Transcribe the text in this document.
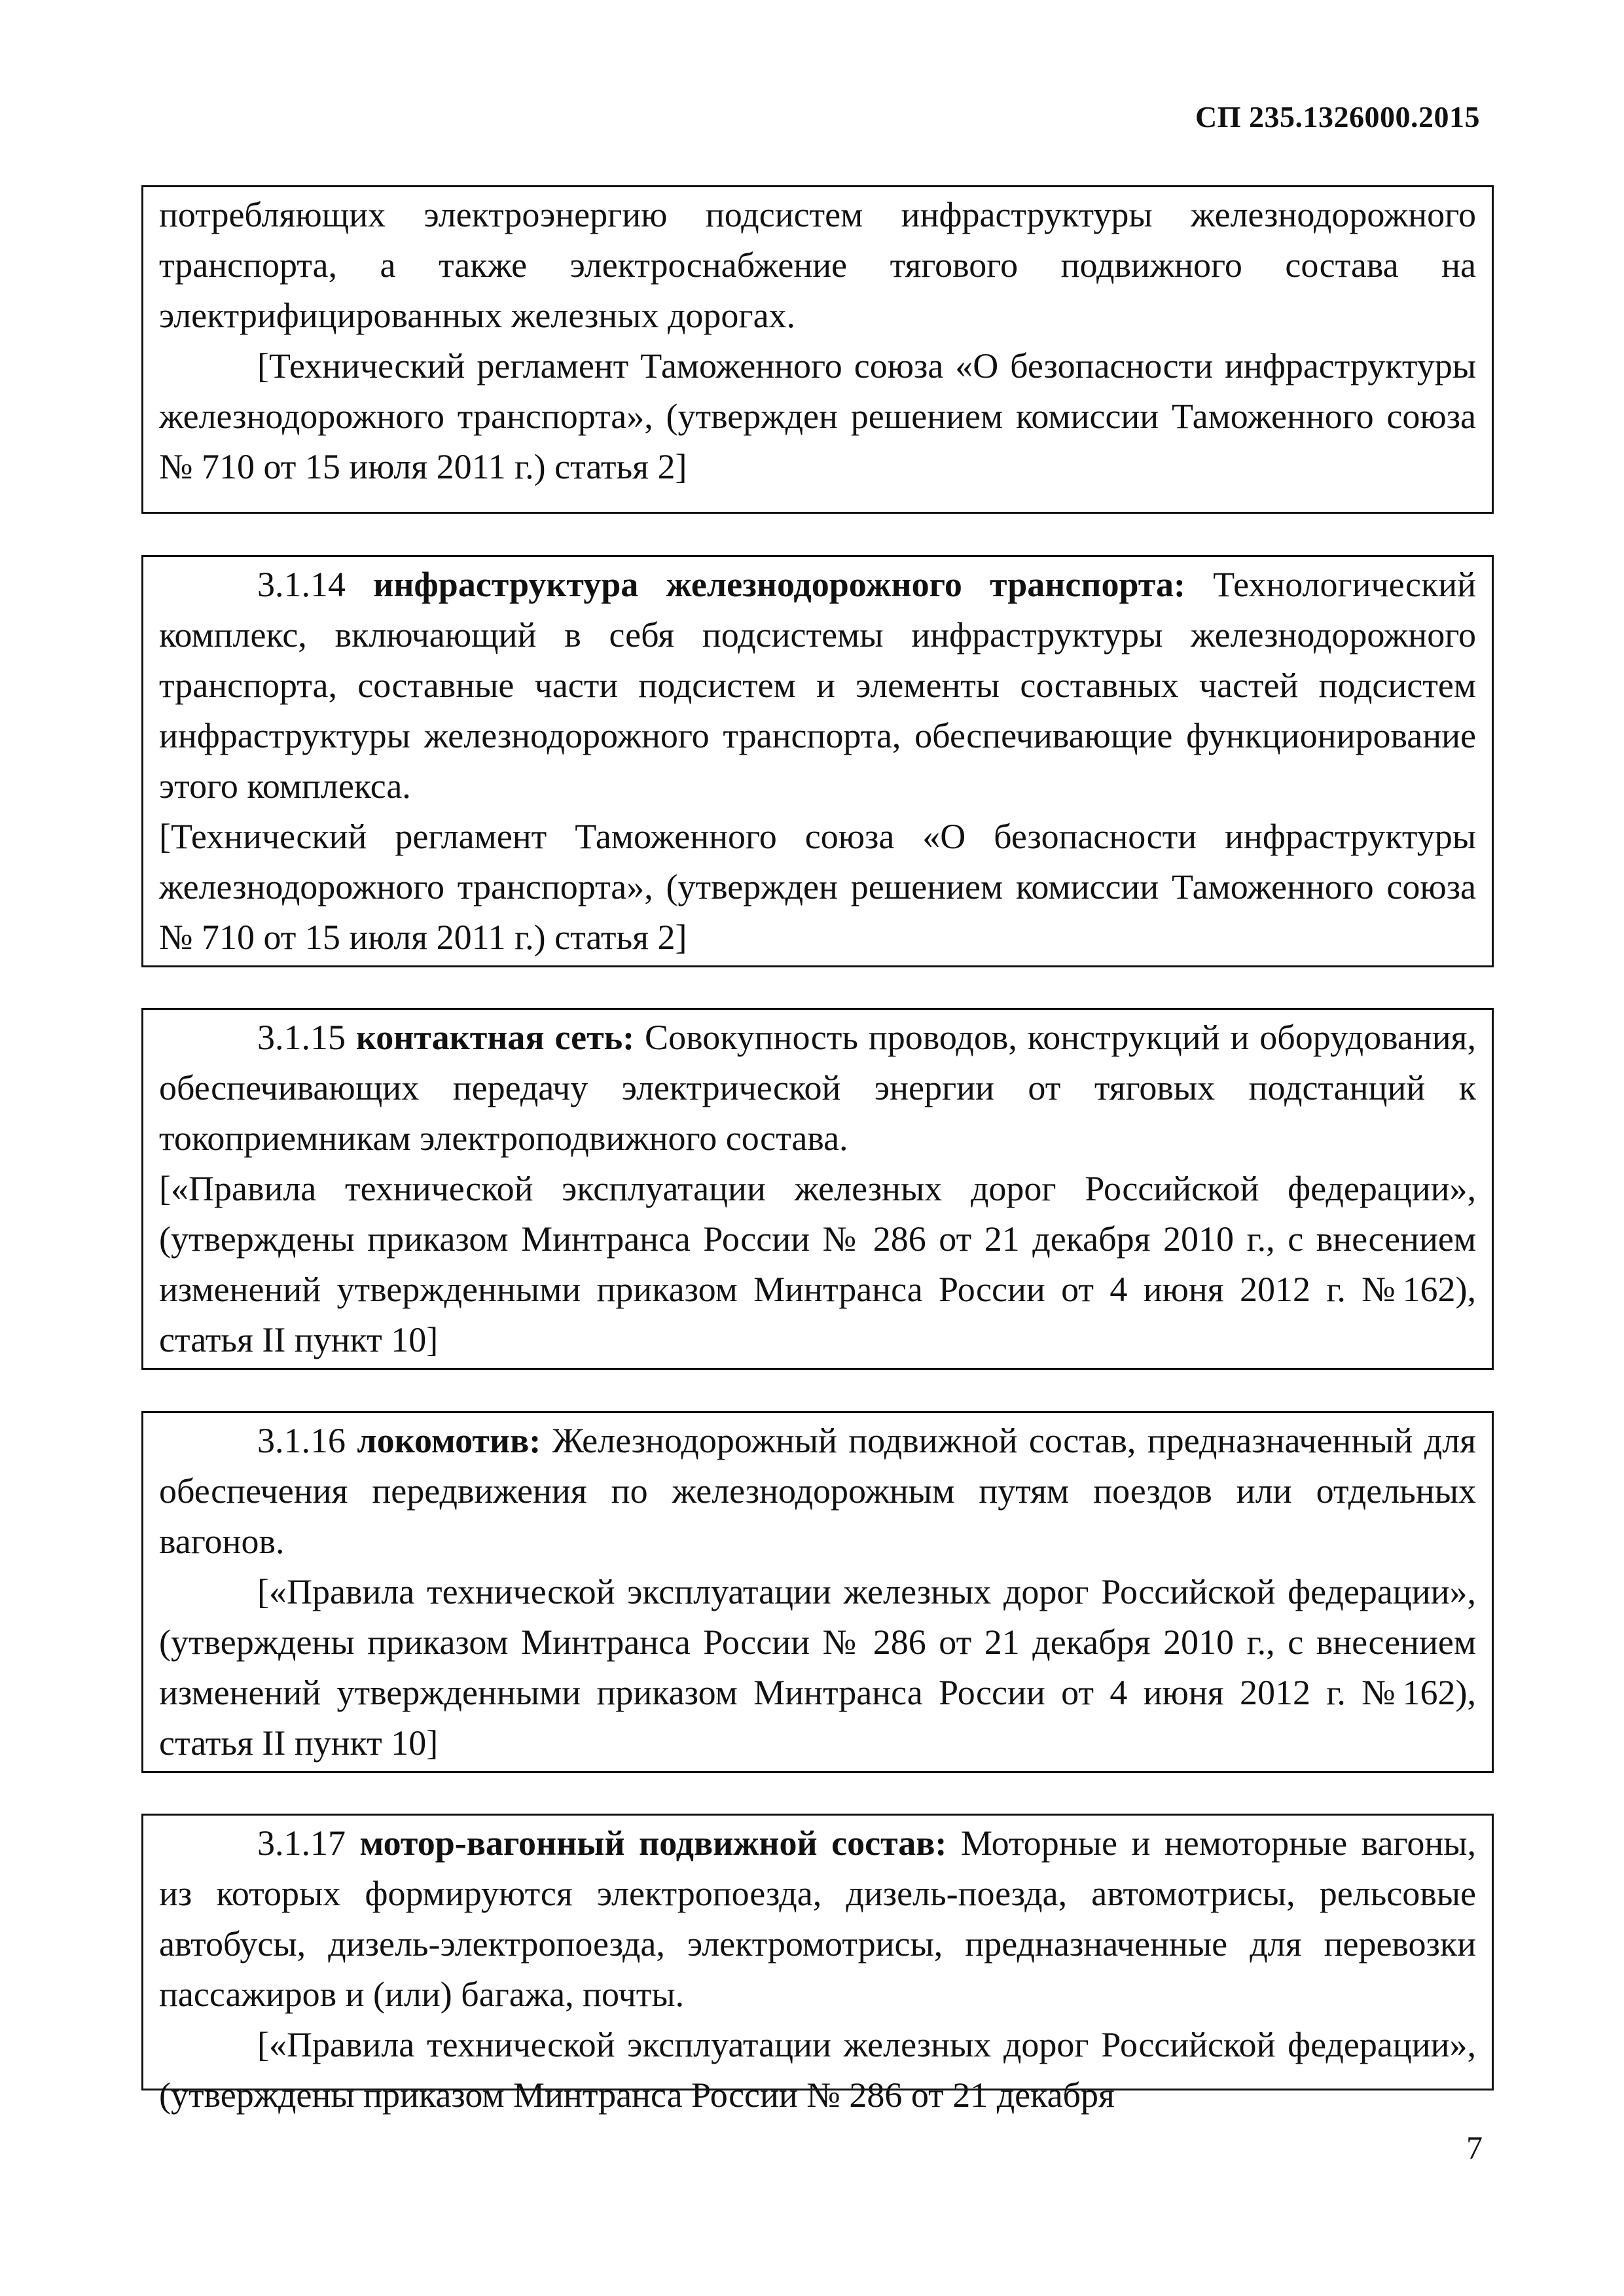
СП 235.1326000.2015

потребляющих электроэнергию подсистем инфраструктуры железнодорожного транспорта, а также электроснабжение тягового подвижного состава на электрифицированных железных дорогах.

[Технический регламент Таможенного союза «О безопасности инфраструктуры железнодорожного транспорта», (утвержден решением комиссии Таможенного союза № 710 от 15 июля 2011 г.) статья 2]

3.1.14 инфраструктура железнодорожного транспорта: Технологический комплекс, включающий в себя подсистемы инфраструктуры железнодорожного транспорта, составные части подсистем и элементы составных частей подсистем инфраструктуры железнодорожного транспорта, обеспечивающие функционирование этого комплекса.

[Технический регламент Таможенного союза «О безопасности инфраструктуры железнодорожного транспорта», (утвержден решением комиссии Таможенного союза № 710 от 15 июля 2011 г.) статья 2]

3.1.15 контактная сеть: Совокупность проводов, конструкций и оборудования, обеспечивающих передачу электрической энергии от тяговых подстанций к токоприемникам электроподвижного состава.

[«Правила технической эксплуатации железных дорог Российской федерации», (утверждены приказом Минтранса России № 286 от 21 декабря 2010 г., с внесением изменений утвержденными приказом Минтранса России от 4 июня 2012 г. №162), статья II пункт 10]

3.1.16 локомотив: Железнодорожный подвижной состав, предназначенный для обеспечения передвижения по железнодорожным путям поездов или отдельных вагонов.

[«Правила технической эксплуатации железных дорог Российской федерации», (утверждены приказом Минтранса России № 286 от 21 декабря 2010 г., с внесением изменений утвержденными приказом Минтранса России от 4 июня 2012 г. №162), статья II пункт 10]

3.1.17 мотор-вагонный подвижной состав: Моторные и немоторные вагоны, из которых формируются электропоезда, дизель-поезда, автомотрисы, рельсовые автобусы, дизель-электропоезда, электромотрисы, предназначенные для перевозки пассажиров и (или) багажа, почты.

[«Правила технической эксплуатации железных дорог Российской федерации», (утверждены приказом Минтранса России № 286 от 21 декабря

7
